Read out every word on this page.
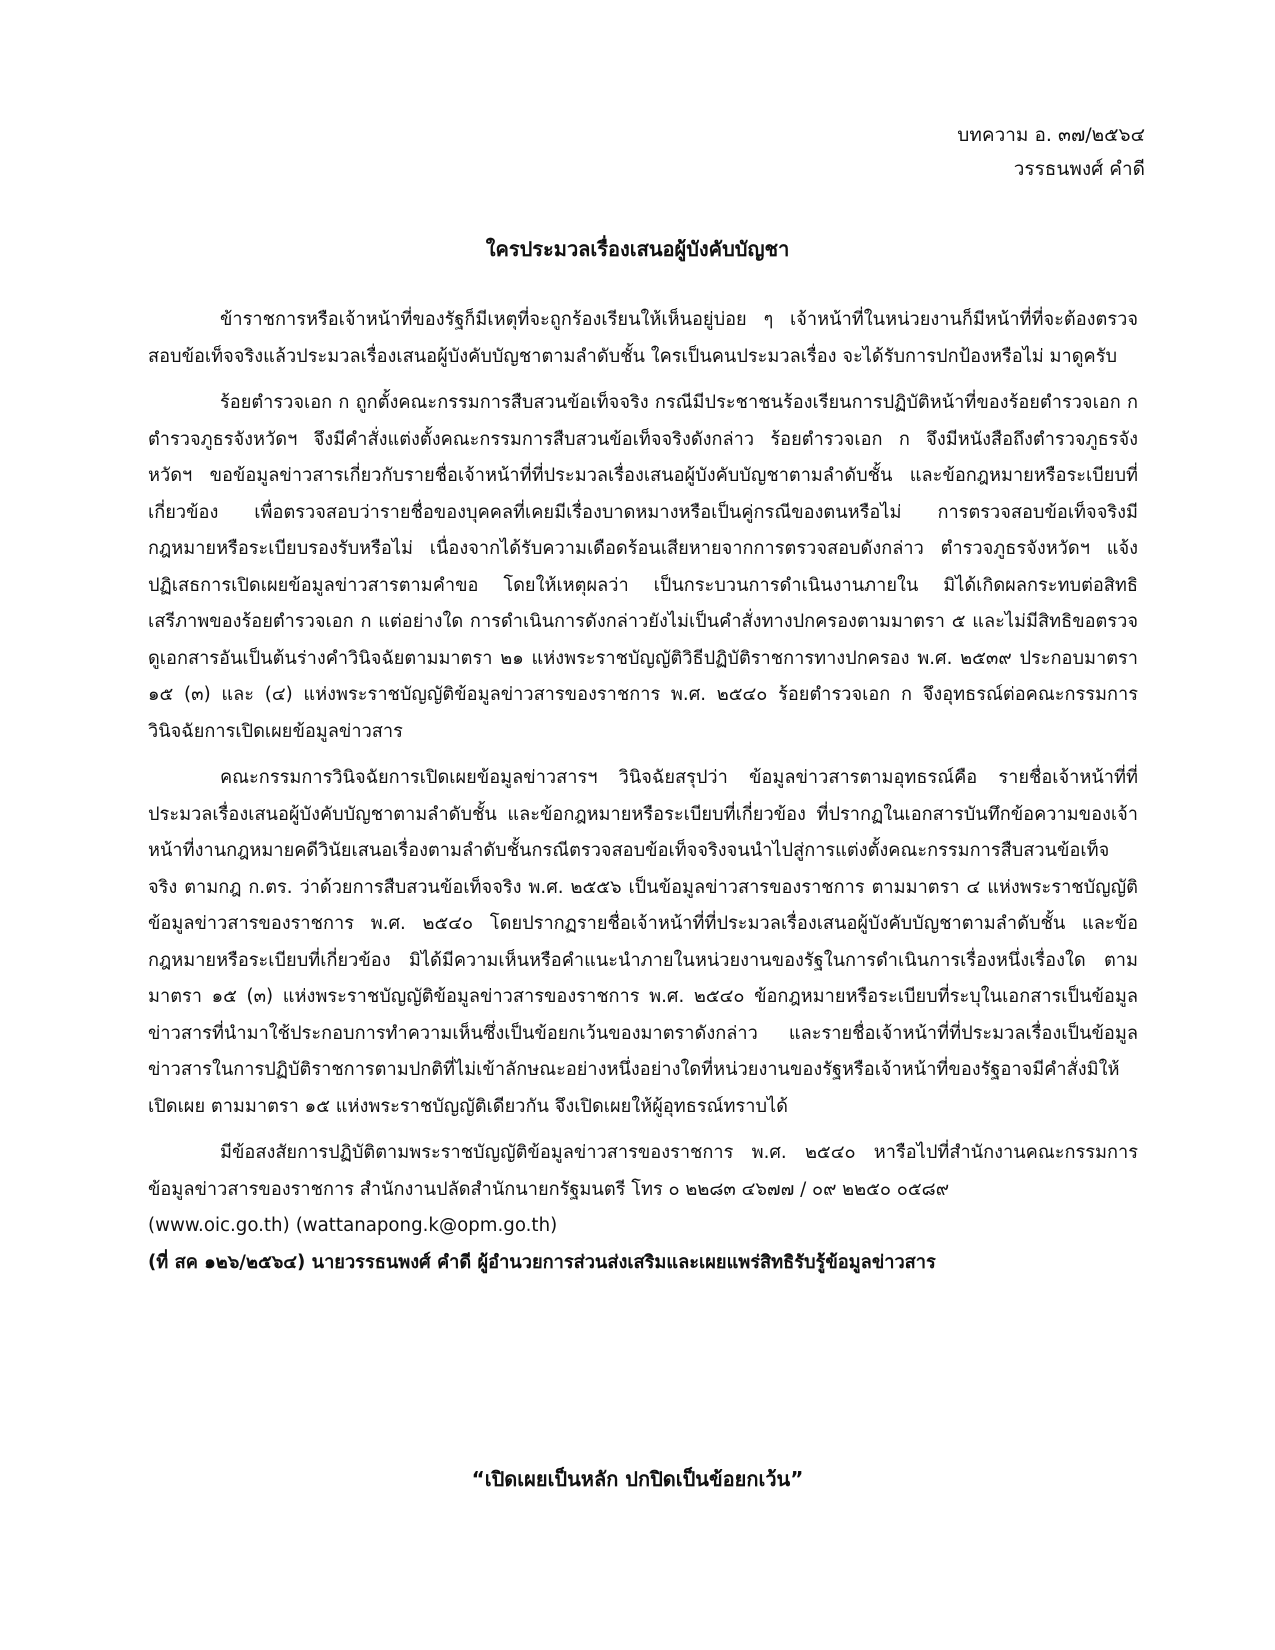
บทความ อ. ๓๗/๒๕๖๔
วรรธนพงศ์ คำดี
ใครประมวลเรื่องเสนอผู้บังคับบัญชา

ข้าราชการหรือเจ้าหน้าที่ของรัฐก็มีเหตุที่จะถูกร้องเรียนให้เห็นอยู่บ่อย ๆ เจ้าหน้าที่ในหน่วยงานก็มีหน้าที่ที่จะต้องตรวจสอบข้อเท็จจริงแล้วประมวลเรื่องเสนอผู้บังคับบัญชาตามลำดับชั้น ใครเป็นคนประมวลเรื่อง จะได้รับการปกป้องหรือไม่ มาดูครับ

ร้อยตำรวจเอก ก ถูกตั้งคณะกรรมการสืบสวนข้อเท็จจริง กรณีมีประชาชนร้องเรียนการปฏิบัติหน้าที่ของร้อยตำรวจเอก ก ตำรวจภูธรจังหวัดฯ จึงมีคำสั่งแต่งตั้งคณะกรรมการสืบสวนข้อเท็จจริงดังกล่าว ร้อยตำรวจเอก ก จึงมีหนังสือถึงตำรวจภูธรจังหวัดฯ ขอข้อมูลข่าวสารเกี่ยวกับรายชื่อเจ้าหน้าที่ที่ประมวลเรื่องเสนอผู้บังคับบัญชาตามลำดับชั้น และข้อกฎหมายหรือระเบียบที่เกี่ยวข้อง เพื่อตรวจสอบว่ารายชื่อของบุคคลที่เคยมีเรื่องบาดหมางหรือเป็นคู่กรณีของตนหรือไม่ การตรวจสอบข้อเท็จจริงมีกฎหมายหรือระเบียบรองรับหรือไม่ เนื่องจากได้รับความเดือดร้อนเสียหายจากการตรวจสอบดังกล่าว ตำรวจภูธรจังหวัดฯ แจ้งปฏิเสธการเปิดเผยข้อมูลข่าวสารตามคำขอ โดยให้เหตุผลว่า เป็นกระบวนการดำเนินงานภายใน มิได้เกิดผลกระทบต่อสิทธิเสรีภาพของร้อยตำรวจเอก ก แต่อย่างใด การดำเนินการดังกล่าวยังไม่เป็นคำสั่งทางปกครองตามมาตรา ๕ และไม่มีสิทธิขอตรวจดูเอกสารอันเป็นต้นร่างคำวินิจฉัยตามมาตรา ๒๑ แห่งพระราชบัญญัติวิธีปฏิบัติราชการทางปกครอง พ.ศ. ๒๕๓๙ ประกอบมาตรา ๑๕ (๓) และ (๔) แห่งพระราชบัญญัติข้อมูลข่าวสารของราชการ พ.ศ. ๒๕๔๐ ร้อยตำรวจเอก ก จึงอุทธรณ์ต่อคณะกรรมการวินิจฉัยการเปิดเผยข้อมูลข่าวสาร

คณะกรรมการวินิจฉัยการเปิดเผยข้อมูลข่าวสารฯ วินิจฉัยสรุปว่า ข้อมูลข่าวสารตามอุทธรณ์คือ รายชื่อเจ้าหน้าที่ที่ประมวลเรื่องเสนอผู้บังคับบัญชาตามลำดับชั้น และข้อกฎหมายหรือระเบียบที่เกี่ยวข้อง ที่ปรากฏในเอกสารบันทึกข้อความของเจ้าหน้าที่งานกฎหมายคดีวินัยเสนอเรื่องตามลำดับชั้นกรณีตรวจสอบข้อเท็จจริงจนนำไปสู่การแต่งตั้งคณะกรรมการสืบสวนข้อเท็จจริง ตามกฎ ก.ตร. ว่าด้วยการสืบสวนข้อเท็จจริง พ.ศ. ๒๕๕๖ เป็นข้อมูลข่าวสารของราชการ ตามมาตรา ๔ แห่งพระราชบัญญัติข้อมูลข่าวสารของราชการ พ.ศ. ๒๕๔๐ โดยปรากฏรายชื่อเจ้าหน้าที่ที่ประมวลเรื่องเสนอผู้บังคับบัญชาตามลำดับชั้น และข้อกฎหมายหรือระเบียบที่เกี่ยวข้อง มิได้มีความเห็นหรือคำแนะนำภายในหน่วยงานของรัฐในการดำเนินการเรื่องหนึ่งเรื่องใด ตามมาตรา ๑๕ (๓) แห่งพระราชบัญญัติข้อมูลข่าวสารของราชการ พ.ศ. ๒๕๔๐ ข้อกฎหมายหรือระเบียบที่ระบุในเอกสารเป็นข้อมูลข่าวสารที่นำมาใช้ประกอบการทำความเห็นซึ่งเป็นข้อยกเว้นของมาตราดังกล่าว และรายชื่อเจ้าหน้าที่ที่ประมวลเรื่องเป็นข้อมูลข่าวสารในการปฏิบัติราชการตามปกติที่ไม่เข้าลักษณะอย่างหนึ่งอย่างใดที่หน่วยงานของรัฐหรือเจ้าหน้าที่ของรัฐอาจมีคำสั่งมิให้เปิดเผย ตามมาตรา ๑๕ แห่งพระราชบัญญัติเดียวกัน จึงเปิดเผยให้ผู้อุทธรณ์ทราบได้

มีข้อสงสัยการปฏิบัติตามพระราชบัญญัติข้อมูลข่าวสารของราชการ พ.ศ. ๒๕๔๐ หารือไปที่สำนักงานคณะกรรมการข้อมูลข่าวสารของราชการ สำนักงานปลัดสำนักนายกรัฐมนตรี โทร ๐ ๒๒๘๓ ๔๖๗๗ / ๐๙ ๒๒๕๐ ๐๕๘๙

(www.oic.go.th) (wattanapong.k@opm.go.th)

(ที่ สค ๑๒๖/๒๕๖๔) นายวรรธนพงศ์ คำดี ผู้อำนวยการส่วนส่งเสริมและเผยแพร่สิทธิรับรู้ข้อมูลข่าวสาร

“เปิดเผยเป็นหลัก ปกปิดเป็นข้อยกเว้น”
